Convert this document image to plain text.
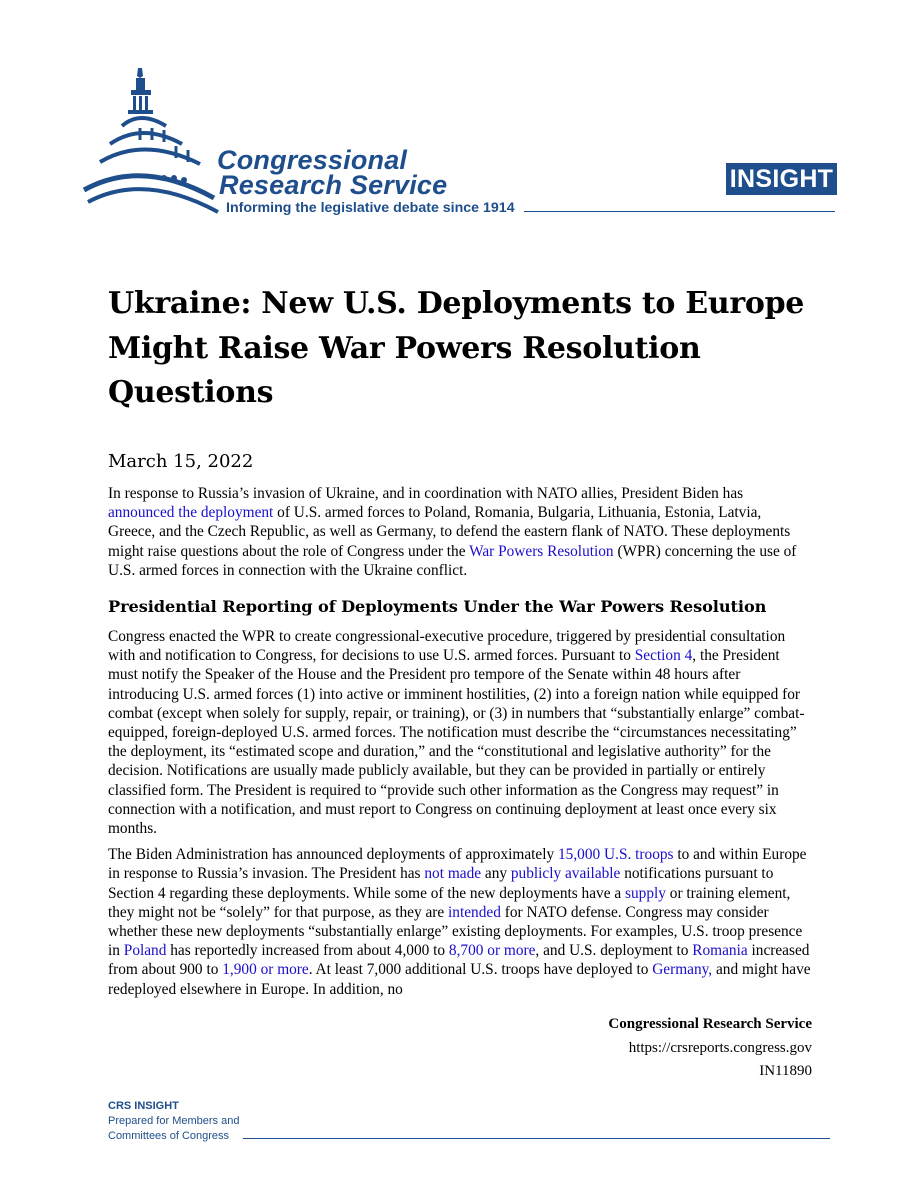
Congressional
Research Service
Informing the legislative debate since 1914
INSIGHT
Ukraine: New U.S. Deployments to Europe Might Raise War Powers Resolution Questions
March 15, 2022

In response to Russia’s invasion of Ukraine, and in coordination with NATO allies, President Biden has announced the deployment of U.S. armed forces to Poland, Romania, Bulgaria, Lithuania, Estonia, Latvia, Greece, and the Czech Republic, as well as Germany, to defend the eastern flank of NATO. These deployments might raise questions about the role of Congress under the War Powers Resolution (WPR) concerning the use of U.S. armed forces in connection with the Ukraine conflict.

Presidential Reporting of Deployments Under the War Powers Resolution

Congress enacted the WPR to create congressional-executive procedure, triggered by presidential consultation with and notification to Congress, for decisions to use U.S. armed forces. Pursuant to Section 4, the President must notify the Speaker of the House and the President pro tempore of the Senate within 48 hours after introducing U.S. armed forces (1) into active or imminent hostilities, (2) into a foreign nation while equipped for combat (except when solely for supply, repair, or training), or (3) in numbers that “substantially enlarge” combat-equipped, foreign-deployed U.S. armed forces. The notification must describe the “circumstances necessitating” the deployment, its “estimated scope and duration,” and the “constitutional and legislative authority” for the decision. Notifications are usually made publicly available, but they can be provided in partially or entirely classified form. The President is required to “provide such other information as the Congress may request” in connection with a notification, and must report to Congress on continuing deployment at least once every six months.

The Biden Administration has announced deployments of approximately 15,000 U.S. troops to and within Europe in response to Russia’s invasion. The President has not made any publicly available notifications pursuant to Section 4 regarding these deployments. While some of the new deployments have a supply or training element, they might not be “solely” for that purpose, as they are intended for NATO defense. Congress may consider whether these new deployments “substantially enlarge” existing deployments. For examples, U.S. troop presence in Poland has reportedly increased from about 4,000 to 8,700 or more, and U.S. deployment to Romania increased from about 900 to 1,900 or more. At least 7,000 additional U.S. troops have deployed to Germany, and might have redeployed elsewhere in Europe. In addition, no

Congressional Research Service
https://crsreports.congress.gov
IN11890
CRS INSIGHT
Prepared for Members and
Committees of Congress
